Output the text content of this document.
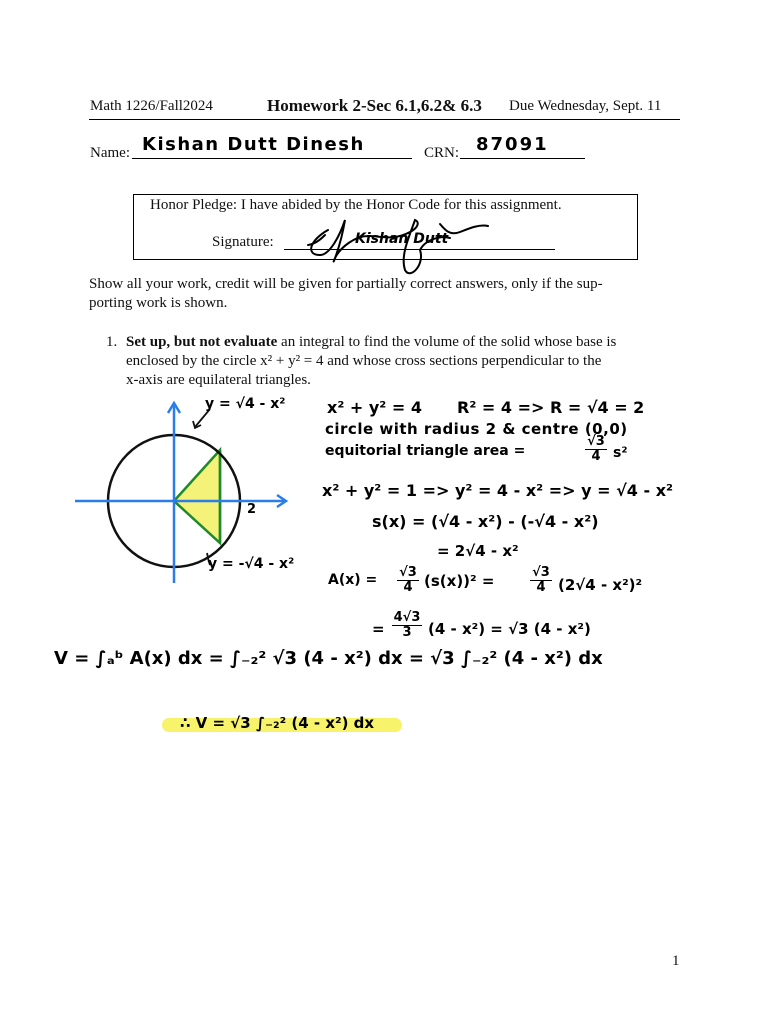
Math 1226/Fall2024	Homework 2-Sec 6.1,6.2& 6.3 Due Wednesday, Sept. 11
Name: Kishan Dutt Dinesh	CRN: 87091
Honor Pledge: I have abided by the Honor Code for this assignment.
Signature:	Kishan Dutt
Show all your work, credit will be given for partially correct answers, only if the sup-
porting work is shown.
1. Set up, but not evaluate an integral to find the volume of the solid whose base is
enclosed by the circle x² + y² = 4 and whose cross sections perpendicular to the
x-axis are equilateral triangles.
2
y = √4 - x²
y = -√4 - x²
x² + y² = 4 R² = 4 => R = √4 = 2
circle with radius 2 & centre (0,0)
equitorial triangle area =	$\frac{√3}{4} s^2$
x² + y² = 1 => y² = 4 - x² => y = √4 - x²
s(x) = (√4 - x²) - (-√4 - x²)
= 2√4 - x²
$A(x) = \frac{√3}{4} (s(x))^2$ =	$\frac{√3}{4} (2√4 - x^2)^2$
= $\frac{4√3}{3} (4 - x^2) = √3$ (4 - x²)
V = ∫ₐᵇ A(x) dx = ∫₋₂² √3 (4 - x²) dx = √3 ∫₋₂² (4 - x²) dx
∴ V = √3 ∫₋₂² (4 - x²) dx
1
